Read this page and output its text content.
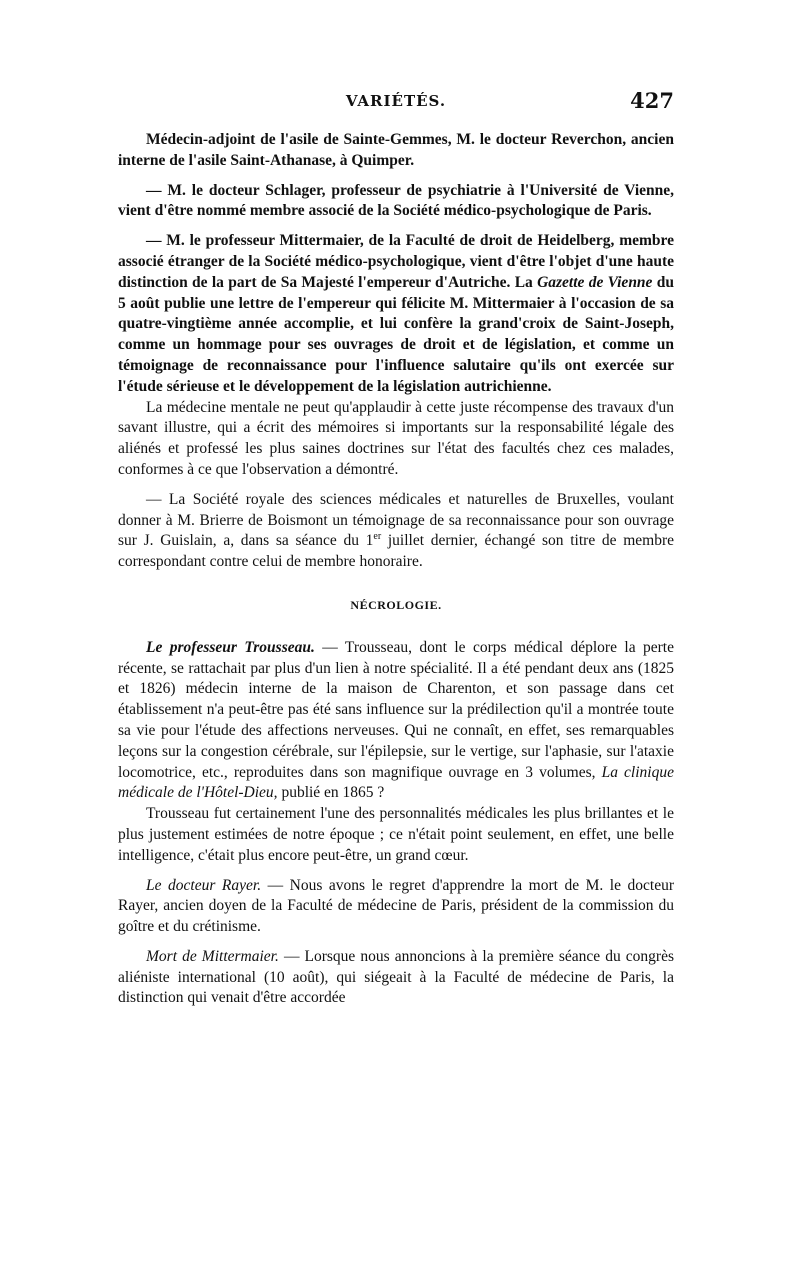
VARIÉTÉS.	427

Médecin-adjoint de l'asile de Sainte-Gemmes, M. le docteur Reverchon, ancien interne de l'asile Saint-Athanase, à Quimper.

— M. le docteur Schlager, professeur de psychiatrie à l'Université de Vienne, vient d'être nommé membre associé de la Société médico-psychologique de Paris.

— M. le professeur Mittermaier, de la Faculté de droit de Heidelberg, membre associé étranger de la Société médico-psychologique, vient d'être l'objet d'une haute distinction de la part de Sa Majesté l'empereur d'Autriche. La Gazette de Vienne du 5 août publie une lettre de l'empereur qui félicite M. Mittermaier à l'occasion de sa quatre-vingtième année accomplie, et lui confère la grand'croix de Saint-Joseph, comme un hommage pour ses ouvrages de droit et de législation, et comme un témoignage de reconnaissance pour l'influence salutaire qu'ils ont exercée sur l'étude sérieuse et le développement de la législation autrichienne.

La médecine mentale ne peut qu'applaudir à cette juste récompense des travaux d'un savant illustre, qui a écrit des mémoires si importants sur la responsabilité légale des aliénés et professé les plus saines doctrines sur l'état des facultés chez ces malades, conformes à ce que l'observation a démontré.

— La Société royale des sciences médicales et naturelles de Bruxelles, voulant donner à M. Brierre de Boismont un témoignage de sa reconnaissance pour son ouvrage sur J. Guislain, a, dans sa séance du 1er juillet dernier, échangé son titre de membre correspondant contre celui de membre honoraire.

NÉCROLOGIE.

Le professeur Trousseau. — Trousseau, dont le corps médical déplore la perte récente, se rattachait par plus d'un lien à notre spécialité. Il a été pendant deux ans (1825 et 1826) médecin interne de la maison de Charenton, et son passage dans cet établissement n'a peut-être pas été sans influence sur la prédilection qu'il a montrée toute sa vie pour l'étude des affections nerveuses. Qui ne connaît, en effet, ses remarquables leçons sur la congestion cérébrale, sur l'épilepsie, sur le vertige, sur l'aphasie, sur l'ataxie locomotrice, etc., reproduites dans son magnifique ouvrage en 3 volumes, La clinique médicale de l'Hôtel-Dieu, publié en 1865 ?

Trousseau fut certainement l'une des personnalités médicales les plus brillantes et le plus justement estimées de notre époque ; ce n'était point seulement, en effet, une belle intelligence, c'était plus encore peut-être, un grand cœur.

Le docteur Rayer. — Nous avons le regret d'apprendre la mort de M. le docteur Rayer, ancien doyen de la Faculté de médecine de Paris, président de la commission du goître et du crétinisme.

Mort de Mittermaier. — Lorsque nous annoncions à la première séance du congrès aliéniste international (10 août), qui siégeait à la Faculté de médecine de Paris, la distinction qui venait d'être accordée
